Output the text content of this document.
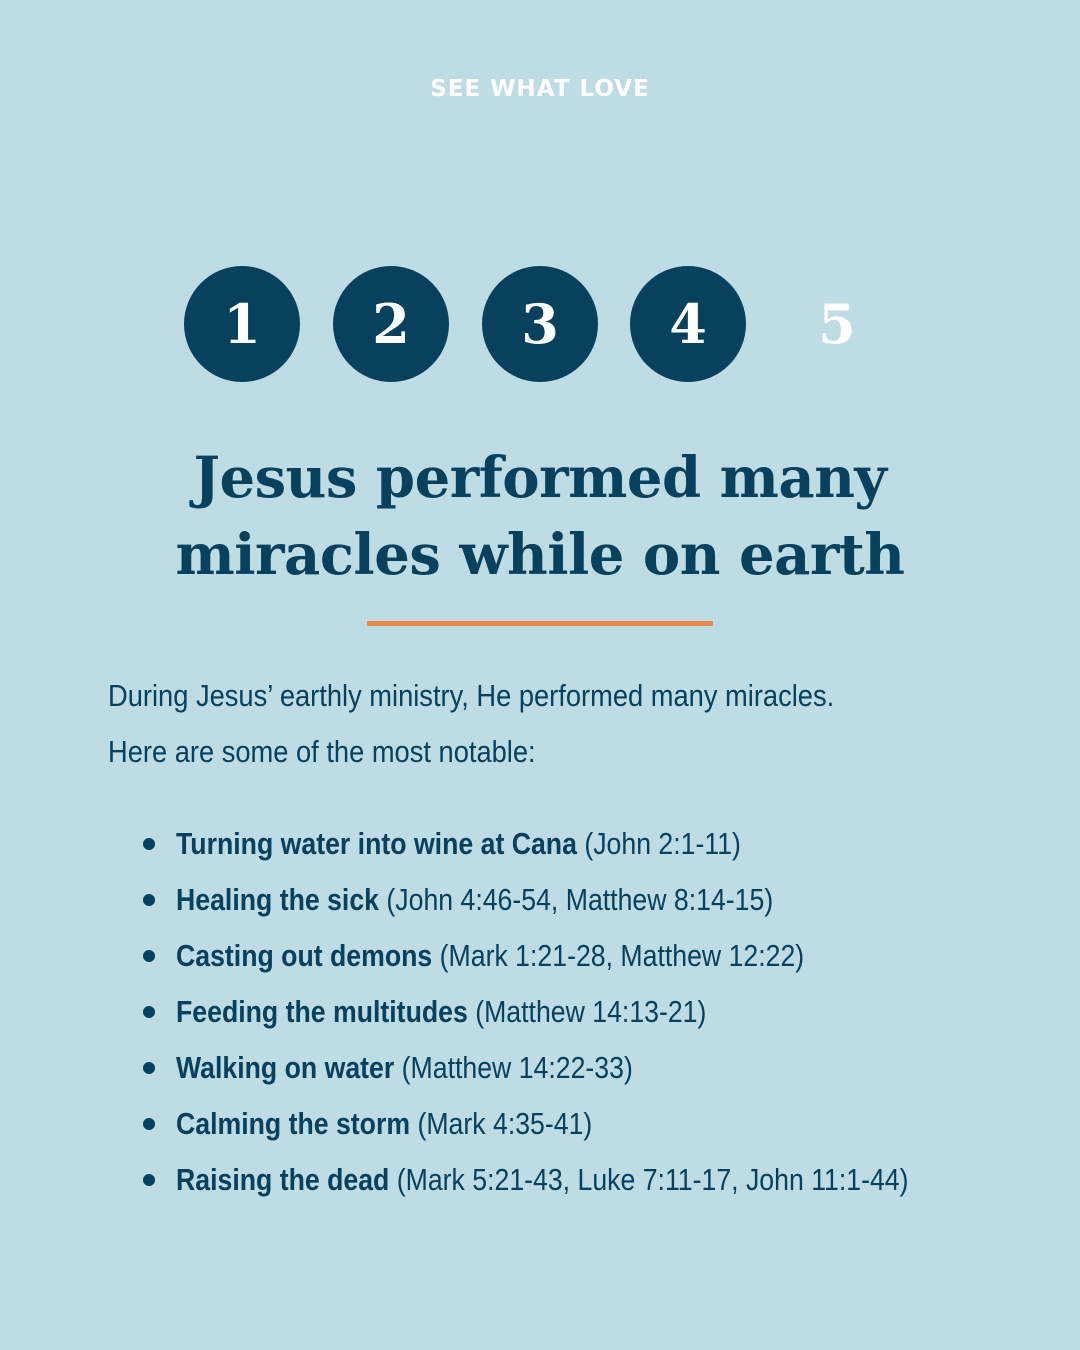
SEE WHAT LOVE
1	2	3	4	5
Jesus performed many
miracles while on earth

During Jesus’ earthly ministry, He performed many miracles.
Here are some of the most notable:

Turning water into wine at Cana (John 2:1-11)
Healing the sick (John 4:46-54, Matthew 8:14-15)
Casting out demons (Mark 1:21-28, Matthew 12:22)
Feeding the multitudes (Matthew 14:13-21)
Walking on water (Matthew 14:22-33)
Calming the storm (Mark 4:35-41)
Raising the dead (Mark 5:21-43, Luke 7:11-17, John 11:1-44)
